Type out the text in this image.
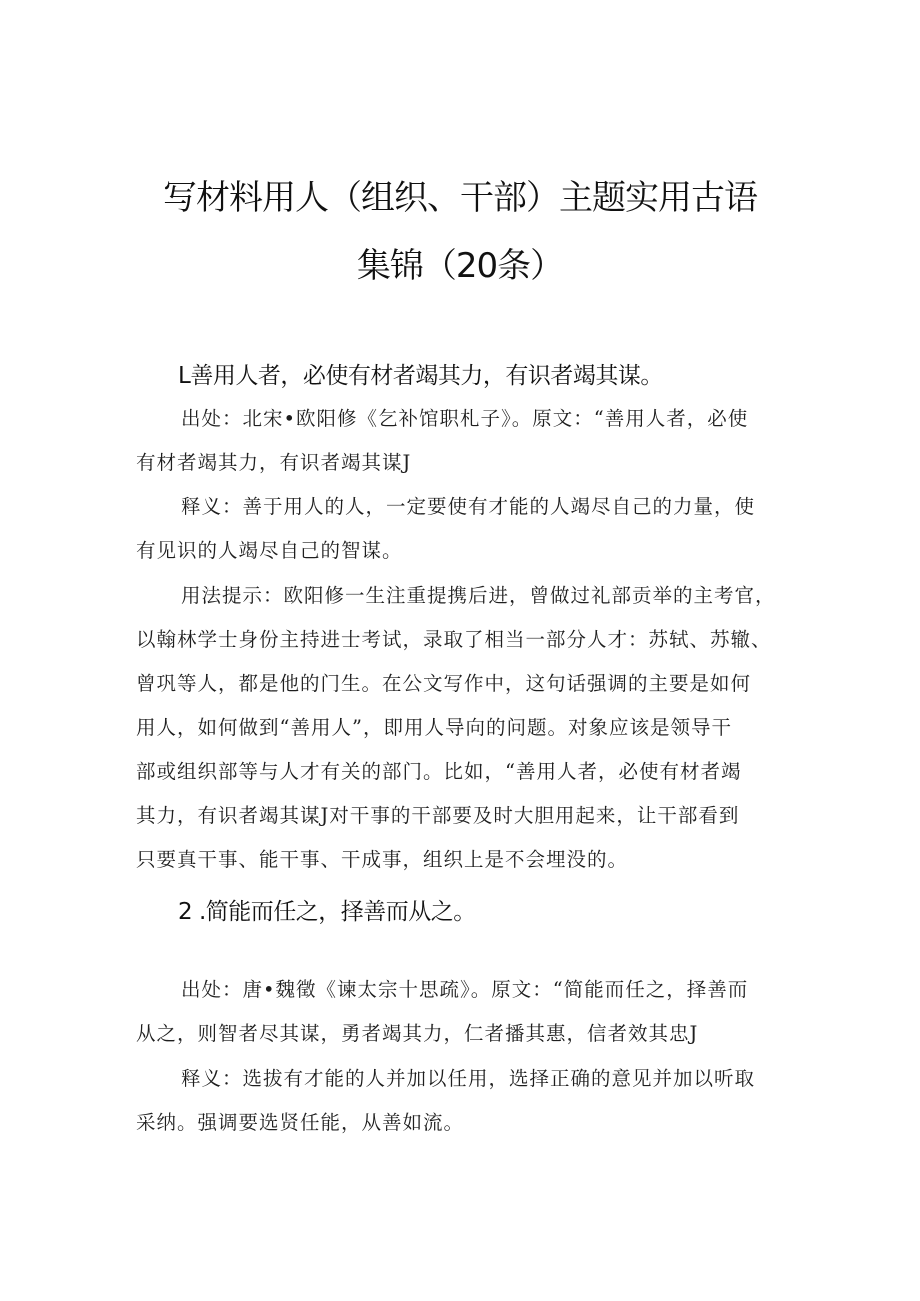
写材料用人（组织、干部）主题实用古语
集锦（20条）
L善用人者，必使有材者竭其力，有识者竭其谋。
出处：北宋•欧阳修《乞补馆职札子》。原文：“善用人者，必使
有材者竭其力，有识者竭其谋J
释义：善于用人的人，一定要使有才能的人竭尽自己的力量，使
有见识的人竭尽自己的智谋。
用法提示：欧阳修一生注重提携后进，曾做过礼部贡举的主考官，
以翰林学士身份主持进士考试，录取了相当一部分人才：苏轼、苏辙、
曾巩等人，都是他的门生。在公文写作中，这句话强调的主要是如何
用人，如何做到“善用人”，即用人导向的问题。对象应该是领导干
部或组织部等与人才有关的部门。比如，“善用人者，必使有材者竭
其力，有识者竭其谋J对干事的干部要及时大胆用起来，让干部看到
只要真干事、能干事、干成事，组织上是不会埋没的。
2 .简能而任之，择善而从之。
出处：唐•魏徵《谏太宗十思疏》。原文：“简能而任之，择善而
从之，则智者尽其谋，勇者竭其力，仁者播其惠，信者效其忠J
释义：选拔有才能的人并加以任用，选择正确的意见并加以听取
采纳。强调要选贤任能，从善如流。
